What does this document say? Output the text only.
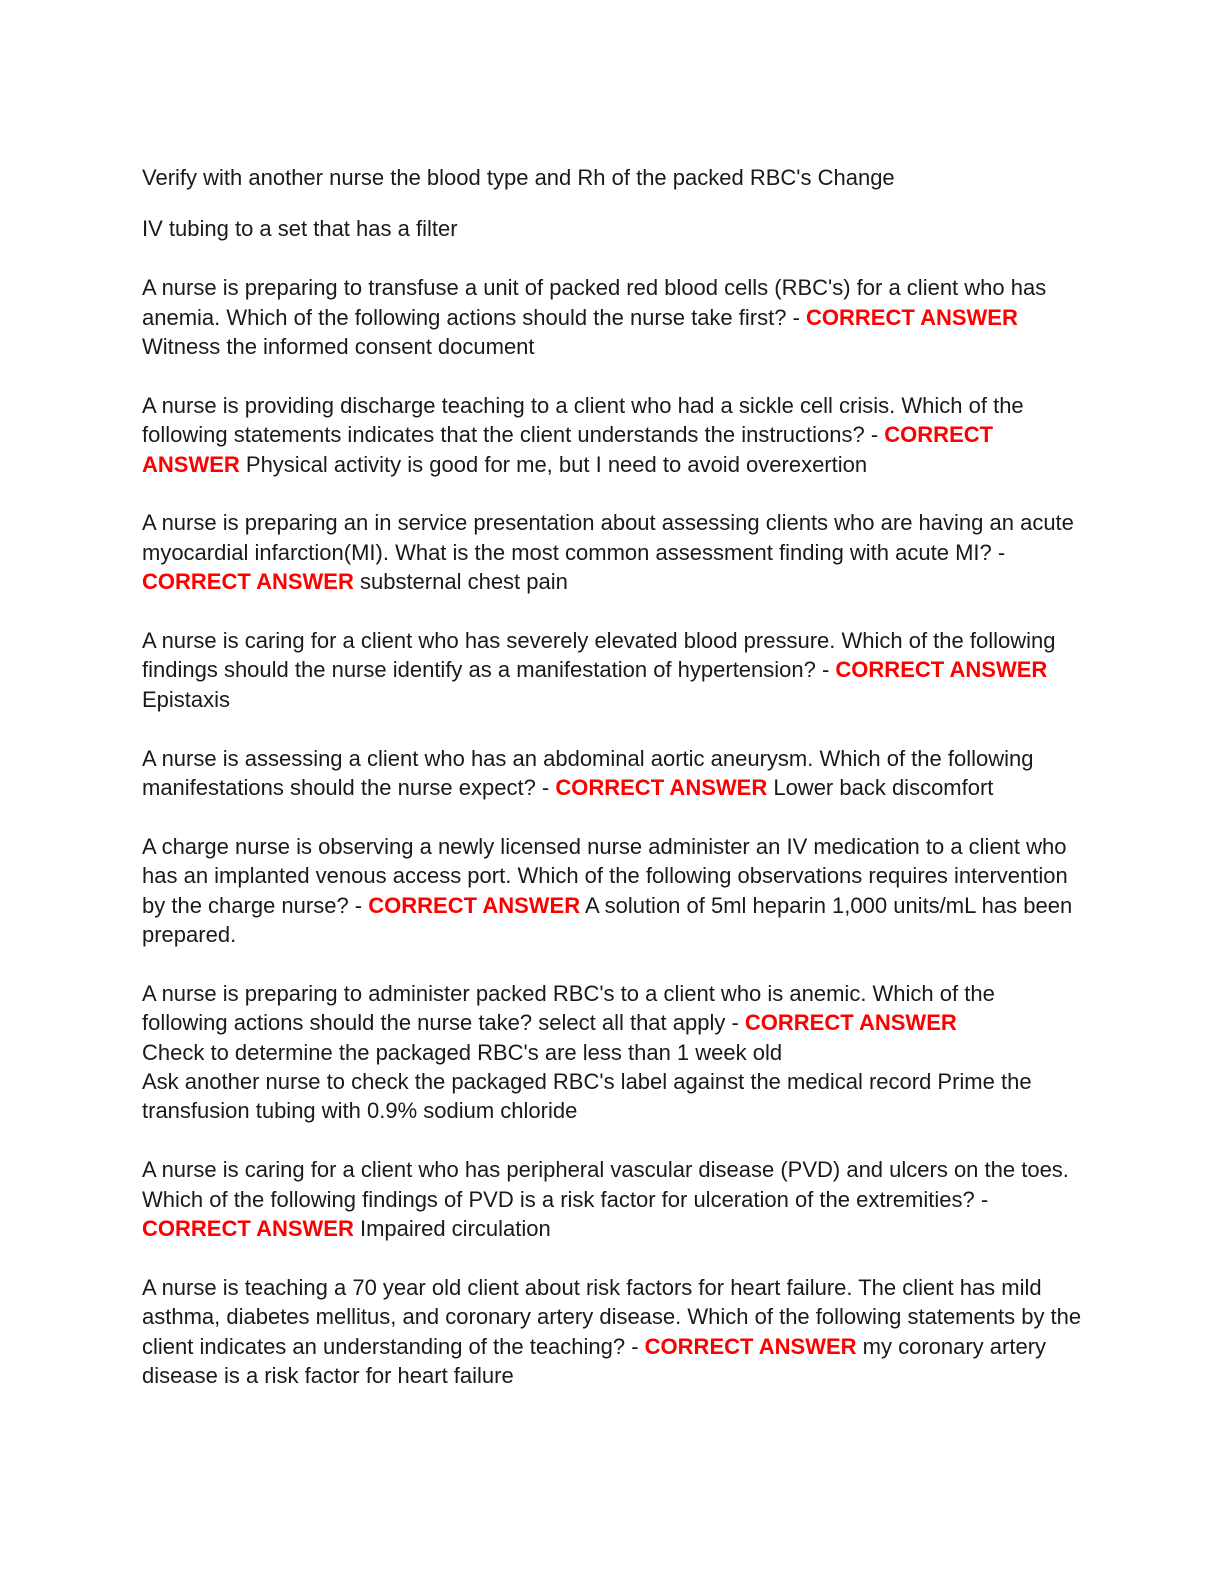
Verify with another nurse the blood type and Rh of the packed RBC's Change

IV tubing to a set that has a filter

A nurse is preparing to transfuse a unit of packed red blood cells (RBC's) for a client who has anemia. Which of the following actions should the nurse take first? - CORRECT ANSWER Witness the informed consent document

A nurse is providing discharge teaching to a client who had a sickle cell crisis. Which of the following statements indicates that the client understands the instructions? - CORRECT ANSWER Physical activity is good for me, but I need to avoid overexertion

A nurse is preparing an in service presentation about assessing clients who are having an acute myocardial infarction(MI). What is the most common assessment finding with acute MI? - CORRECT ANSWER substernal chest pain

A nurse is caring for a client who has severely elevated blood pressure. Which of the following findings should the nurse identify as a manifestation of hypertension? - CORRECT ANSWER Epistaxis

A nurse is assessing a client who has an abdominal aortic aneurysm. Which of the following manifestations should the nurse expect? - CORRECT ANSWER Lower back discomfort

A charge nurse is observing a newly licensed nurse administer an IV medication to a client who has an implanted venous access port. Which of the following observations requires intervention by the charge nurse? - CORRECT ANSWER A solution of 5ml heparin 1,000 units/mL has been prepared.

A nurse is preparing to administer packed RBC's to a client who is anemic. Which of the following actions should the nurse take? select all that apply - CORRECT ANSWER

Check to determine the packaged RBC's are less than 1 week old

Ask another nurse to check the packaged RBC's label against the medical record Prime the transfusion tubing with 0.9% sodium chloride

A nurse is caring for a client who has peripheral vascular disease (PVD) and ulcers on the toes. Which of the following findings of PVD is a risk factor for ulceration of the extremities? - CORRECT ANSWER Impaired circulation

A nurse is teaching a 70 year old client about risk factors for heart failure. The client has mild asthma, diabetes mellitus, and coronary artery disease. Which of the following statements by the client indicates an understanding of the teaching? - CORRECT ANSWER my coronary artery disease is a risk factor for heart failure
